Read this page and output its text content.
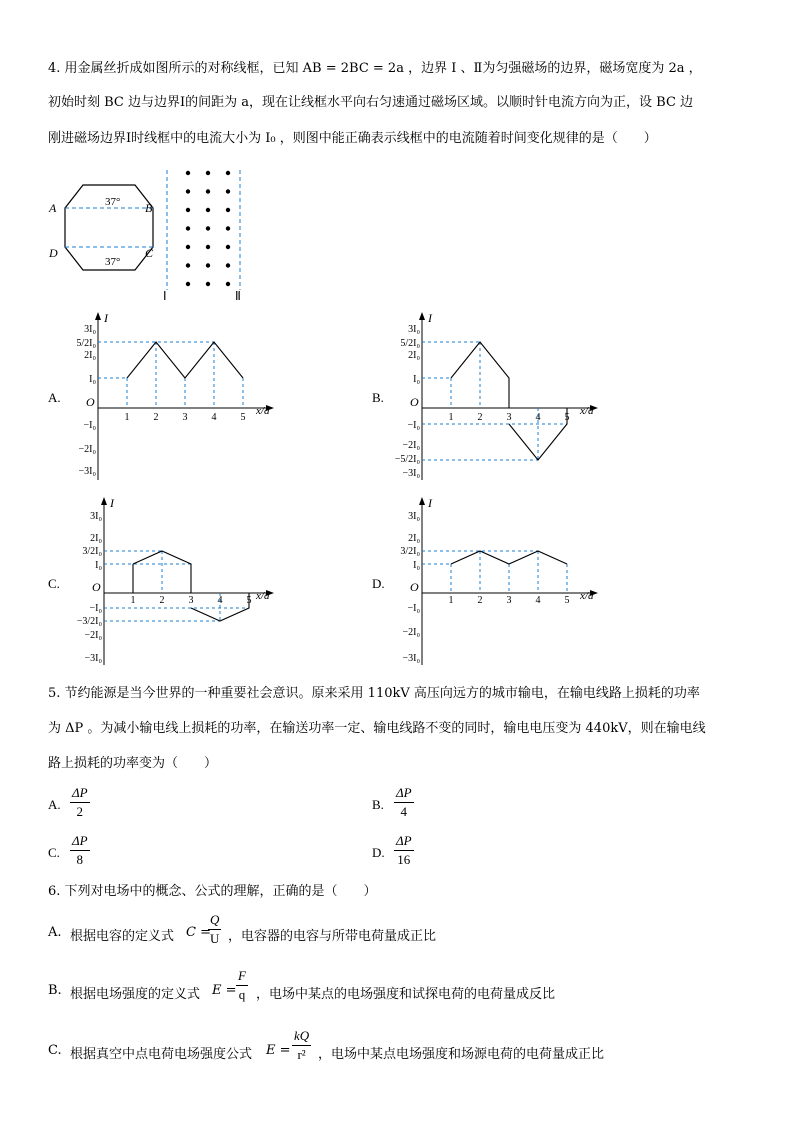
4. 用金属丝折成如图所示的对称线框，已知 AB = 2BC = 2a ，边界 Ⅰ 、Ⅱ为匀强磁场的边界，磁场宽度为 2a ，
初始时刻 BC 边与边界Ⅰ的间距为 a，现在让线框水平向右匀速通过磁场区域。以顺时针电流方向为正，设 BC 边
刚进磁场边界Ⅰ时线框中的电流大小为 I₀ ，则图中能正确表示线框中的电流随着时间变化规律的是（　　）
A	B
D	C
37°
37°
Ⅰ	Ⅱ
A.	B.
C.	D.
I
x/a
O
3I₀
5/2I₀
2I₀
I₀
−I₀
−2I₀
−3I₀
1 2 3 4 5
I
x/a
O
3I₀
5/2I₀
2I₀
I₀
−I₀
−2I₀
−5/2I₀
−3I₀
1 2 3 4 5
I
x/a
O
3I₀
2I₀
3/2I₀
I₀
−I₀
−3/2I₀
−2I₀
−3I₀
1 2 3 4 5
I
x/a
O
3I₀
2I₀
3/2I₀
I₀
−I₀
−2I₀
−3I₀
1 2 3 4 5
5. 节约能源是当今世界的一种重要社会意识。原来采用 110kV 高压向远方的城市输电，在输电线路上损耗的功率
为 ΔP 。为减小输电线上损耗的功率，在输送功率一定、输电线路不变的同时，输电电压变为 440kV，则在输电线
路上损耗的功率变为（　　）
A.
ΔP
2	B.
ΔP
4
C.
ΔP
8	D.
ΔP
16
6. 下列对电场中的概念、公式的理解，正确的是（　　）
A. 根据电容的定义式 C =
Q
U ，电容器的电容与所带电荷量成正比
B. 根据电场强度的定义式 E =
F
q ，电场中某点的电场强度和试探电荷的电荷量成反比
C. 根据真空中点电荷电场强度公式 E =
kQ
r² ，电场中某点电场强度和场源电荷的电荷量成正比
